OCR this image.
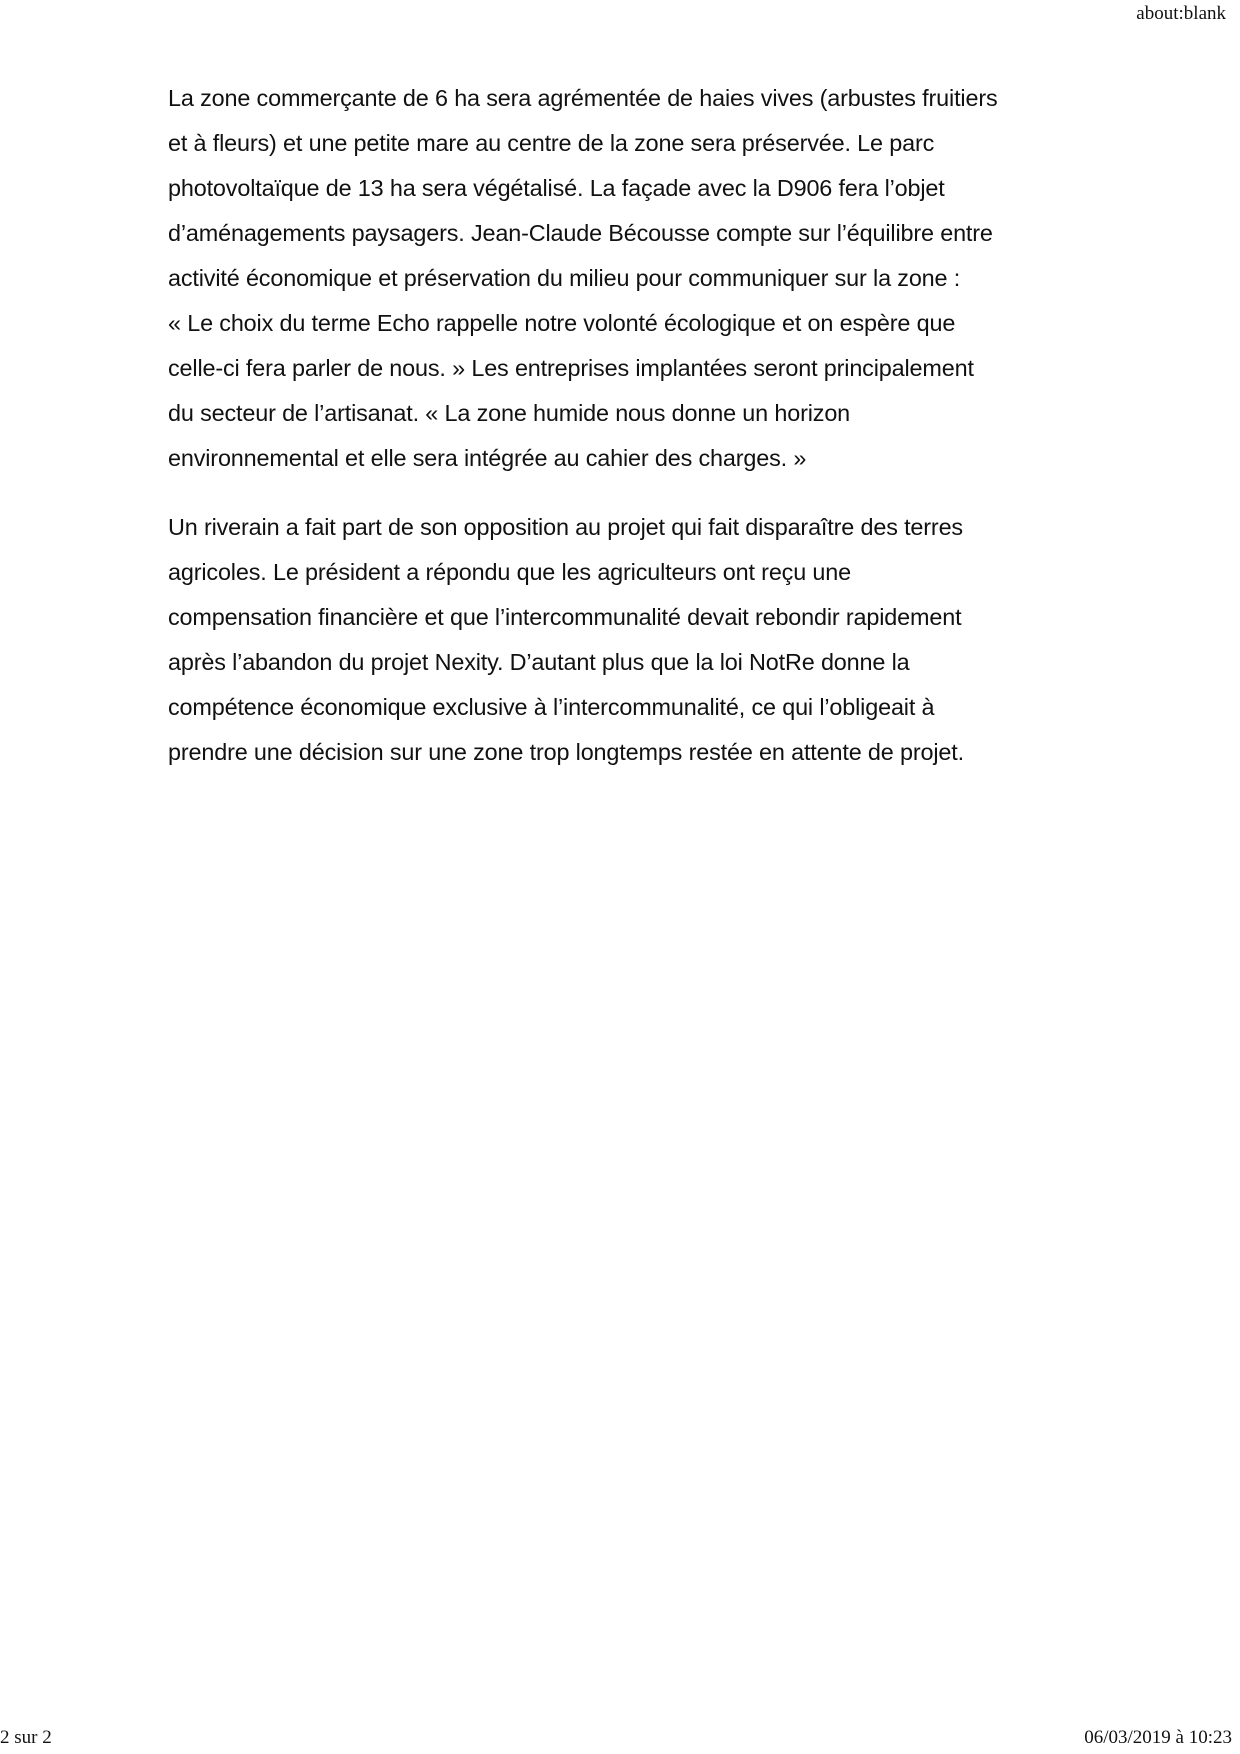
about:blank

La zone commerçante de 6 ha sera agrémentée de haies vives (arbustes fruitiers
et à fleurs) et une petite mare au centre de la zone sera préservée. Le parc
photovoltaïque de 13 ha sera végétalisé. La façade avec la D906 fera l’objet
d’aménagements paysagers. Jean-Claude Bécousse compte sur l’équilibre entre
activité économique et préservation du milieu pour communiquer sur la zone :
« Le choix du terme Echo rappelle notre volonté écologique et on espère que
celle-ci fera parler de nous. » Les entreprises implantées seront principalement
du secteur de l’artisanat. « La zone humide nous donne un horizon
environnemental et elle sera intégrée au cahier des charges. »

Un riverain a fait part de son opposition au projet qui fait disparaître des terres
agricoles. Le président a répondu que les agriculteurs ont reçu une
compensation financière et que l’intercommunalité devait rebondir rapidement
après l’abandon du projet Nexity. D’autant plus que la loi NotRe donne la
compétence économique exclusive à l’intercommunalité, ce qui l’obligeait à
prendre une décision sur une zone trop longtemps restée en attente de projet.

2 sur 2	06/03/2019 à 10:23
